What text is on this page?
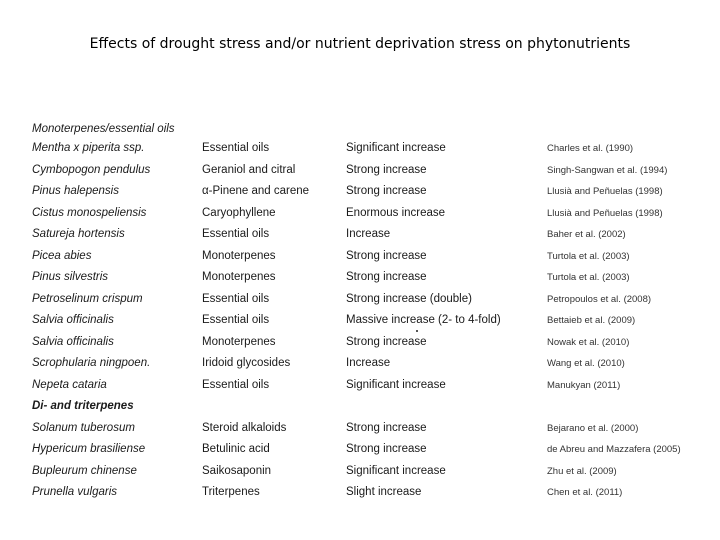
Effects of drought stress and/or nutrient deprivation stress on phytonutrients
Monoterpenes/essential oils
Mentha x piperita ssp.	Essential oils	Significant increase	Charles et al. (1990)
Cymbopogon pendulus	Geraniol and citral	Strong increase	Singh-Sangwan et al. (1994)
Pinus halepensis	α-Pinene and carene	Strong increase	Llusià and Peñuelas (1998)
Cistus monospeliensis	Caryophyllene	Enormous increase	Llusià and Peñuelas (1998)
Satureja hortensis	Essential oils	Increase	Baher et al. (2002)
Picea abies	Monoterpenes	Strong increase	Turtola et al. (2003)
Pinus silvestris	Monoterpenes	Strong increase	Turtola et al. (2003)
Petroselinum crispum	Essential oils	Strong increase (double)	Petropoulos et al. (2008)
Salvia officinalis	Essential oils	Massive increase (2- to 4-fold)	Bettaieb et al. (2009)
Salvia officinalis	Monoterpenes	Strong increase	Nowak et al. (2010)
Scrophularia ningpoen.	Iridoid glycosides	Increase	Wang et al. (2010)
Nepeta cataria	Essential oils	Significant increase	Manukyan (2011)
Di- and triterpenes
Solanum tuberosum	Steroid alkaloids	Strong increase	Bejarano et al. (2000)
Hypericum brasiliense	Betulinic acid	Strong increase	de Abreu and Mazzafera (2005)
Bupleurum chinense	Saikosaponin	Significant increase	Zhu et al. (2009)
Prunella vulgaris	Triterpenes	Slight increase	Chen et al. (2011)
